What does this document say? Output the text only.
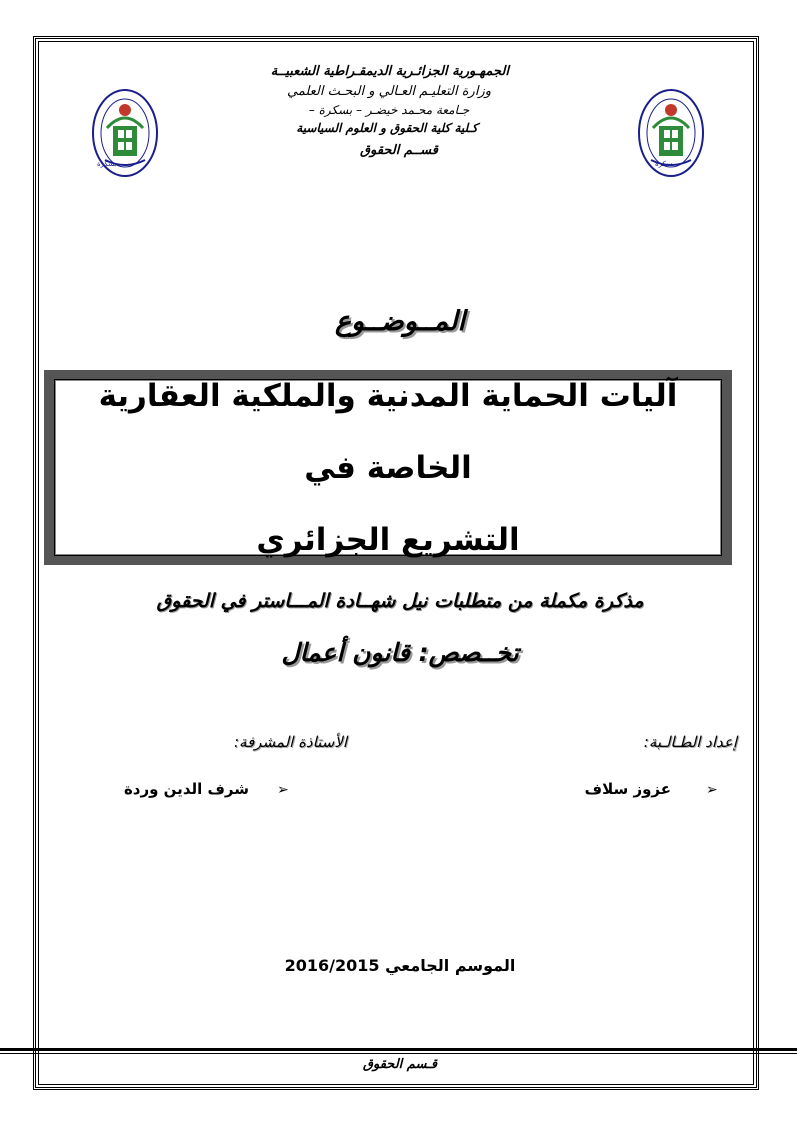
الجمهـورية الجزائـرية الديمقـراطية الشعبيــة
وزارة التعليـم العـالي و البحـث العلمي
جـامعة محـمد خيضـر – بسكرة –
كـلية كلية الحقوق و العلوم السياسية
قســم الحقوق
بسكرة	بسكرة
المــوضــوع
آليات الحماية المدنية والملكية العقارية الخاصة في
التشريع الجزائري
مذكرة مكملة من متطلبات نيل شهــادة المـــاستر في الحقوق
تخــصص: قانون أعمال
إعداد الطـالـبة:
الأستاذة المشرفة:
➢
عزوز سلاف
➢
شرف الدين وردة
الموسم الجامعي 2016/2015
قـسم الحقوق
